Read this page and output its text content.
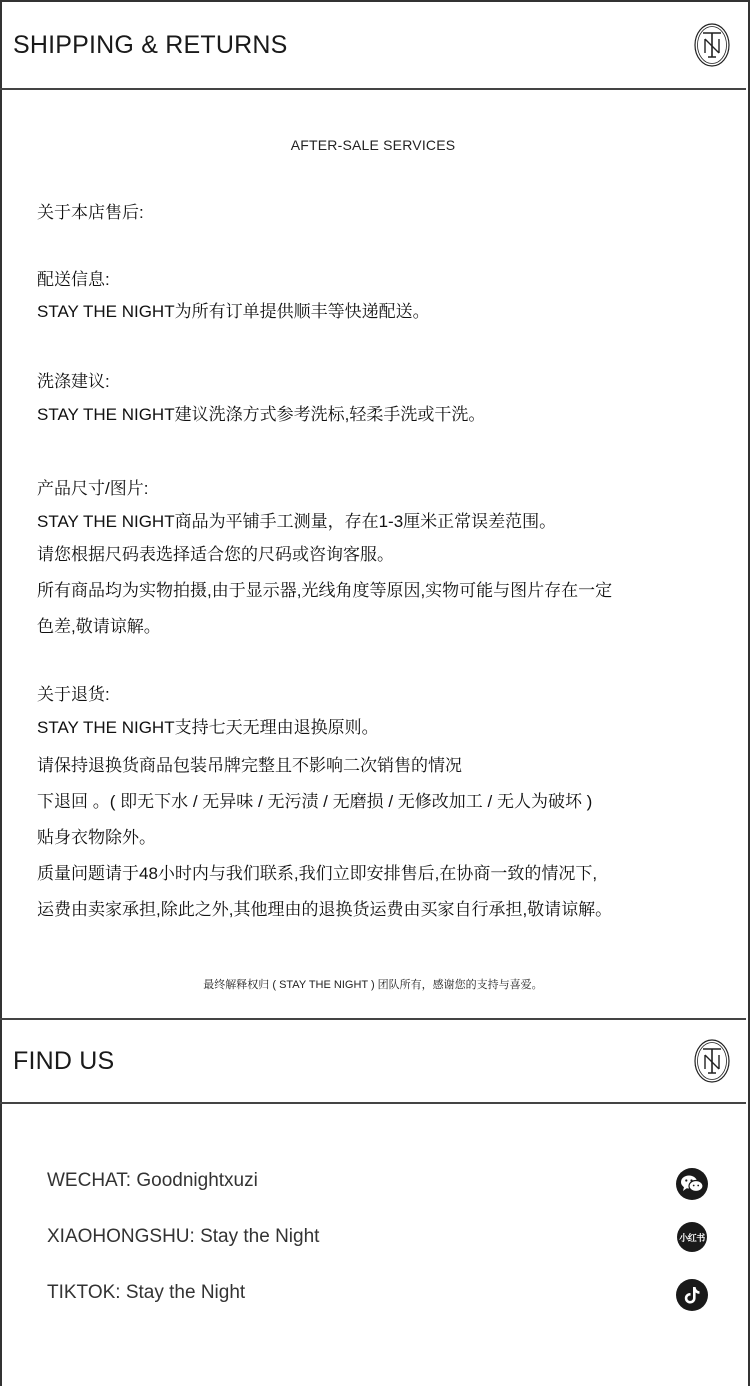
SHIPPING & RETURNS
AFTER-SALE SERVICES
关于本店售后:
配送信息:
STAY THE NIGHT为所有订单提供顺丰等快递配送。
洗涤建议:
STAY THE NIGHT建议洗涤方式参考洗标,轻柔手洗或干洗。
产品尺寸/图片:
STAY THE NIGHT商品为平铺手工测量，存在1-3厘米正常误差范围。
请您根据尺码表选择适合您的尺码或咨询客服。
所有商品均为实物拍摄,由于显示器,光线角度等原因,实物可能与图片存在一定
色差,敬请谅解。
关于退货:
STAY THE NIGHT支持七天无理由退换原则。
请保持退换货商品包装吊牌完整且不影响二次销售的情况
下退回 。( 即无下水 / 无异味 / 无污渍 / 无磨损 / 无修改加工 / 无人为破坏 )
贴身衣物除外。
质量问题请于48小时内与我们联系,我们立即安排售后,在协商一致的情况下,
运费由卖家承担,除此之外,其他理由的退换货运费由买家自行承担,敬请谅解。
最终解释权归 ( STAY THE NIGHT ) 团队所有，感谢您的支持与喜爱。
FIND US
WECHAT: Goodnightxuzi
XIAOHONGSHU: Stay the Night	小红书
TIKTOK: Stay the Night
